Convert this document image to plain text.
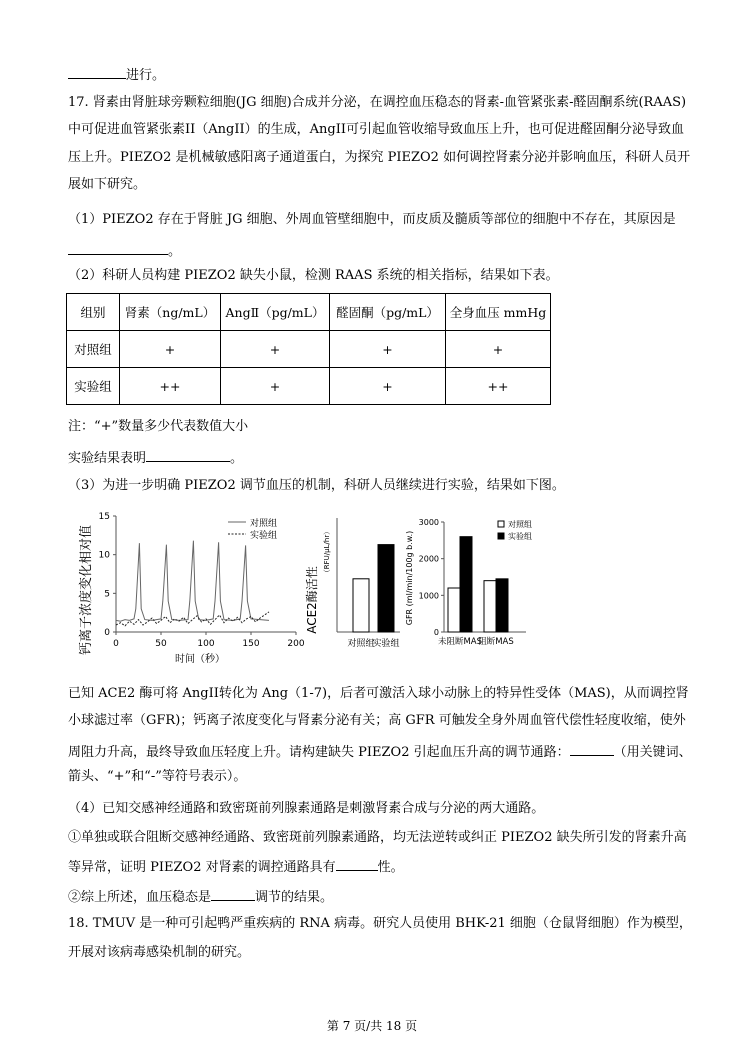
进行。
17. 肾素由肾脏球旁颗粒细胞(JG 细胞)合成并分泌，在调控血压稳态的肾素-血管紧张素-醛固酮系统(RAAS)
中可促进血管紧张素II（AngII）的生成，AngII可引起血管收缩导致血压上升，也可促进醛固酮分泌导致血
压上升。PIEZO2 是机械敏感阳离子通道蛋白，为探究 PIEZO2 如何调控肾素分泌并影响血压，科研人员开
展如下研究。
（1）PIEZO2 存在于肾脏 JG 细胞、外周血管壁细胞中，而皮质及髓质等部位的细胞中不存在，其原因是
。
（2）科研人员构建 PIEZO2 缺失小鼠，检测 RAAS 系统的相关指标，结果如下表。
组别	肾素（ng/mL）	AngⅡ（pg/mL）	醛固酮（pg/mL）	全身血压 mmHg
对照组	+	+	+	+
实验组	++	+	+	++
注：“+”数量多少代表数值大小
实验结果表明	。
（3）为进一步明确 PIEZO2 调节血压的机制，科研人员继续进行实验，结果如下图。
钙离子浓度变化相对值 0
5
10
15
0	50	100	150	200
对照组
实验组
时间（秒）
ACE2酶活性
（RFU/μL/hr）
对照组
实验组
GFR (ml/min/100g b.w.)
0
1000
2000
3000	对照组
实验组
未阻断MAS
阻断MAS
已知 ACE2 酶可将 AngII转化为 Ang（1-7)，后者可激活入球小动脉上的特异性受体（MAS)，从而调控肾
小球滤过率（GFR)；钙离子浓度变化与肾素分泌有关；高 GFR 可触发全身外周血管代偿性轻度收缩，使外
周阻力升高，最终导致血压轻度上升。请构建缺失 PIEZO2 引起血压升高的调节通路：	（用关键词、
箭头、“+”和“-”等符号表示）。
（4）已知交感神经通路和致密斑前列腺素通路是刺激肾素合成与分泌的两大通路。
①单独或联合阻断交感神经通路、致密斑前列腺素通路，均无法逆转或纠正 PIEZO2 缺失所引发的肾素升高
等异常，证明 PIEZO2 对肾素的调控通路具有	性。
②综上所述，血压稳态是	调节的结果。
18. TMUV 是一种可引起鸭严重疾病的 RNA 病毒。研究人员使用 BHK-21 细胞（仓鼠肾细胞）作为模型，
开展对该病毒感染机制的研究。
第 7 页/共 18 页
